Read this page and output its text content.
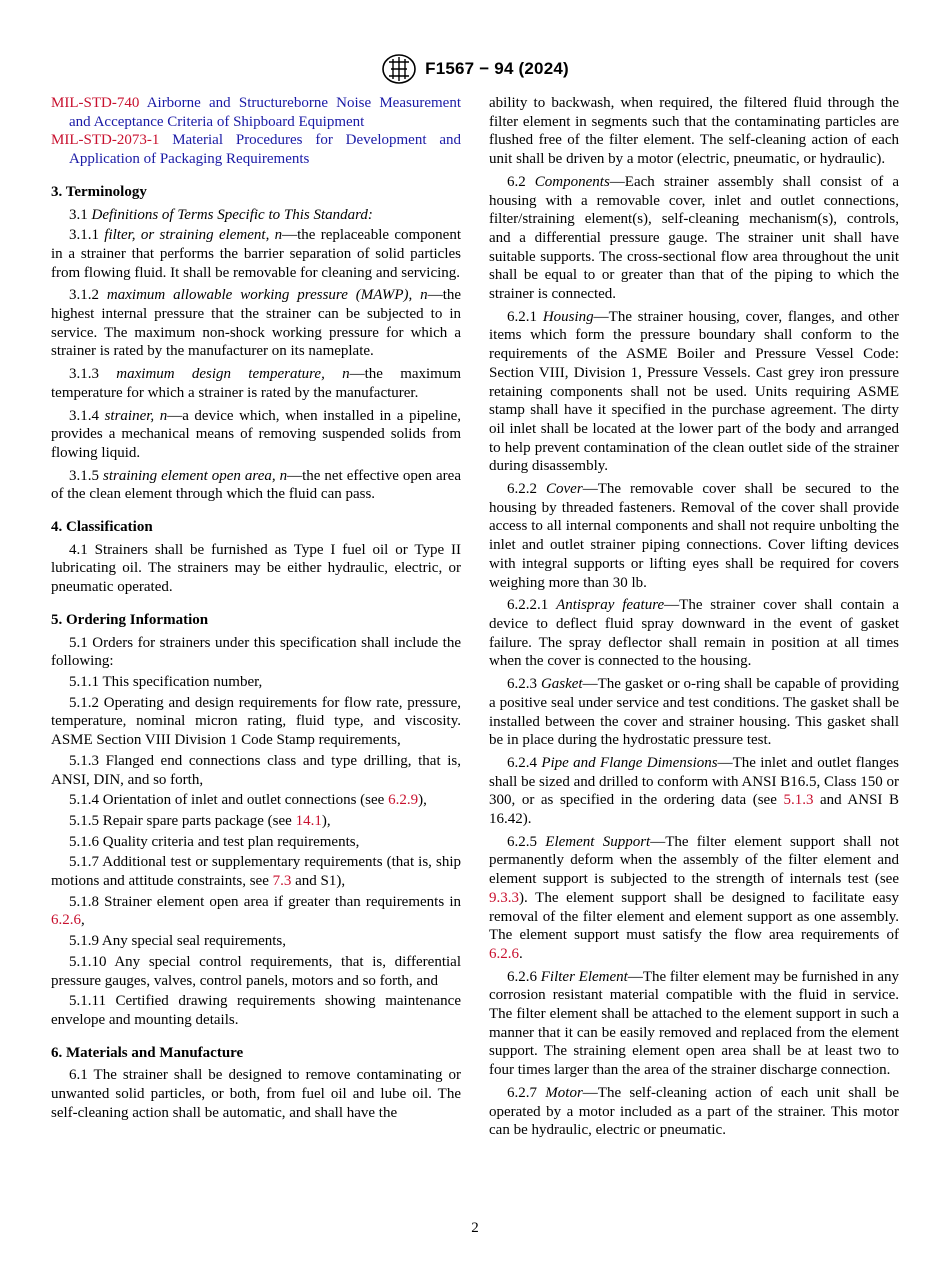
F1567 − 94 (2024)

MIL-STD-740 Airborne and Structureborne Noise Measurement and Acceptance Criteria of Shipboard Equipment

MIL-STD-2073-1 Material Procedures for Development and Application of Packaging Requirements

3. Terminology

3.1 Definitions of Terms Specific to This Standard:

3.1.1 filter, or straining element, n—the replaceable component in a strainer that performs the barrier separation of solid particles from flowing fluid. It shall be removable for cleaning and servicing.

3.1.2 maximum allowable working pressure (MAWP), n—the highest internal pressure that the strainer can be subjected to in service. The maximum non-shock working pressure for which a strainer is rated by the manufacturer on its nameplate.

3.1.3 maximum design temperature, n—the maximum temperature for which a strainer is rated by the manufacturer.

3.1.4 strainer, n—a device which, when installed in a pipeline, provides a mechanical means of removing suspended solids from flowing liquid.

3.1.5 straining element open area, n—the net effective open area of the clean element through which the fluid can pass.

4. Classification

4.1 Strainers shall be furnished as Type I fuel oil or Type II lubricating oil. The strainers may be either hydraulic, electric, or pneumatic operated.

5. Ordering Information

5.1 Orders for strainers under this specification shall include the following:

5.1.1 This specification number,

5.1.2 Operating and design requirements for flow rate, pressure, temperature, nominal micron rating, fluid type, and viscosity. ASME Section VIII Division 1 Code Stamp requirements,

5.1.3 Flanged end connections class and type drilling, that is, ANSI, DIN, and so forth,

5.1.4 Orientation of inlet and outlet connections (see 6.2.9),

5.1.5 Repair spare parts package (see 14.1),

5.1.6 Quality criteria and test plan requirements,

5.1.7 Additional test or supplementary requirements (that is, ship motions and attitude constraints, see 7.3 and S1),

5.1.8 Strainer element open area if greater than requirements in 6.2.6,

5.1.9 Any special seal requirements,

5.1.10 Any special control requirements, that is, differential pressure gauges, valves, control panels, motors and so forth, and

5.1.11 Certified drawing requirements showing maintenance envelope and mounting details.

6. Materials and Manufacture

6.1 The strainer shall be designed to remove contaminating or unwanted solid particles, or both, from fuel oil and lube oil. The self-cleaning action shall be automatic, and shall have the

ability to backwash, when required, the filtered fluid through the filter element in segments such that the contaminating particles are flushed free of the filter element. The self-cleaning action of each unit shall be driven by a motor (electric, pneumatic, or hydraulic).

6.2 Components—Each strainer assembly shall consist of a housing with a removable cover, inlet and outlet connections, filter/straining element(s), self-cleaning mechanism(s), controls, and a differential pressure gauge. The strainer unit shall have suitable supports. The cross-sectional flow area throughout the unit shall be equal to or greater than that of the piping to which the strainer is connected.

6.2.1 Housing—The strainer housing, cover, flanges, and other items which form the pressure boundary shall conform to the requirements of the ASME Boiler and Pressure Vessel Code: Section VIII, Division 1, Pressure Vessels. Cast grey iron pressure retaining components shall not be used. Units requiring ASME stamp shall have it specified in the purchase agreement. The dirty oil inlet shall be located at the lower part of the body and arranged to help prevent contamination of the clean outlet side of the strainer during disassembly.

6.2.2 Cover—The removable cover shall be secured to the housing by threaded fasteners. Removal of the cover shall provide access to all internal components and shall not require unbolting the inlet and outlet strainer piping connections. Cover lifting devices with integral supports or lifting eyes shall be required for covers weighing more than 30 lb.

6.2.2.1 Antispray feature—The strainer cover shall contain a device to deflect fluid spray downward in the event of gasket failure. The spray deflector shall remain in position at all times when the cover is connected to the housing.

6.2.3 Gasket—The gasket or o-ring shall be capable of providing a positive seal under service and test conditions. The gasket shall be installed between the cover and strainer housing. This gasket shall be in place during the hydrostatic pressure test.

6.2.4 Pipe and Flange Dimensions—The inlet and outlet flanges shall be sized and drilled to conform with ANSI B16.5, Class 150 or 300, or as specified in the ordering data (see 5.1.3 and ANSI B 16.42).

6.2.5 Element Support—The filter element support shall not permanently deform when the assembly of the filter element and element support is subjected to the strength of internals test (see 9.3.3). The element support shall be designed to facilitate easy removal of the filter element and element support as one assembly. The element support must satisfy the flow area requirements of 6.2.6.

6.2.6 Filter Element—The filter element may be furnished in any corrosion resistant material compatible with the fluid in service. The filter element shall be attached to the element support in such a manner that it can be easily removed and replaced from the element support. The straining element open area shall be at least two to four times larger than the area of the strainer discharge connection.

6.2.7 Motor—The self-cleaning action of each unit shall be operated by a motor included as a part of the strainer. This motor can be hydraulic, electric or pneumatic.

2
